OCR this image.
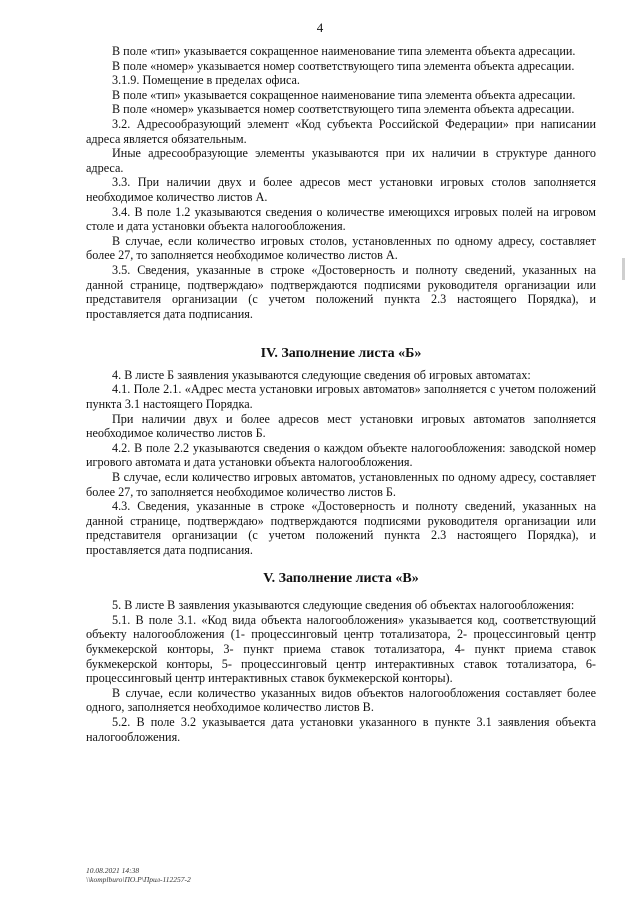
4

В поле «тип» указывается сокращенное наименование типа элемента объекта адресации.

В поле «номер» указывается номер соответствующего типа элемента объекта адресации.

3.1.9. Помещение в пределах офиса.

В поле «тип» указывается сокращенное наименование типа элемента объекта адресации.

В поле «номер» указывается номер соответствующего типа элемента объекта адресации.

3.2. Адресообразующий элемент «Код субъекта Российской Федерации» при написании адреса является обязательным.

Иные адресообразующие элементы указываются при их наличии в структуре данного адреса.

3.3. При наличии двух и более адресов мест установки игровых столов заполняется необходимое количество листов А.

3.4. В поле 1.2 указываются сведения о количестве имеющихся игровых полей на игровом столе и дата установки объекта налогообложения.

В случае, если количество игровых столов, установленных по одному адресу, составляет более 27, то заполняется необходимое количество листов А.

3.5. Сведения, указанные в строке «Достоверность и полноту сведений, указанных на данной странице, подтверждаю» подтверждаются подписями руководителя организации или представителя организации (с учетом положений пункта 2.3 настоящего Порядка), и проставляется дата подписания.

IV. Заполнение листа «Б»

4. В листе Б заявления указываются следующие сведения об игровых автоматах:

4.1. Поле 2.1. «Адрес места установки игровых автоматов» заполняется с учетом положений пункта 3.1 настоящего Порядка.

При наличии двух и более адресов мест установки игровых автоматов заполняется необходимое количество листов Б.

4.2. В поле 2.2 указываются сведения о каждом объекте налогообложения: заводской номер игрового автомата и дата установки объекта налогообложения.

В случае, если количество игровых автоматов, установленных по одному адресу, составляет более 27, то заполняется необходимое количество листов Б.

4.3. Сведения, указанные в строке «Достоверность и полноту сведений, указанных на данной странице, подтверждаю» подтверждаются подписями руководителя организации или представителя организации (с учетом положений пункта 2.3 настоящего Порядка), и проставляется дата подписания.

V. Заполнение листа «В»

5. В листе В заявления указываются следующие сведения об объектах налогообложения:

5.1. В поле 3.1. «Код вида объекта налогообложения» указывается код, соответствующий объекту налогообложения (1- процессинговый центр тотализатора, 2- процессинговый центр букмекерской конторы, 3- пункт приема ставок тотализатора, 4- пункт приема ставок букмекерской конторы, 5- процессинговый центр интерактивных ставок тотализатора, 6- процессинговый центр интерактивных ставок букмекерской конторы).

В случае, если количество указанных видов объектов налогообложения составляет более одного, заполняется необходимое количество листов В.

5.2. В поле 3.2 указывается дата установки указанного в пункте 3.1 заявления объекта налогообложения.

10.08.2021 14:38
\\komplburo\ПО.Р\Прил-112257-2
